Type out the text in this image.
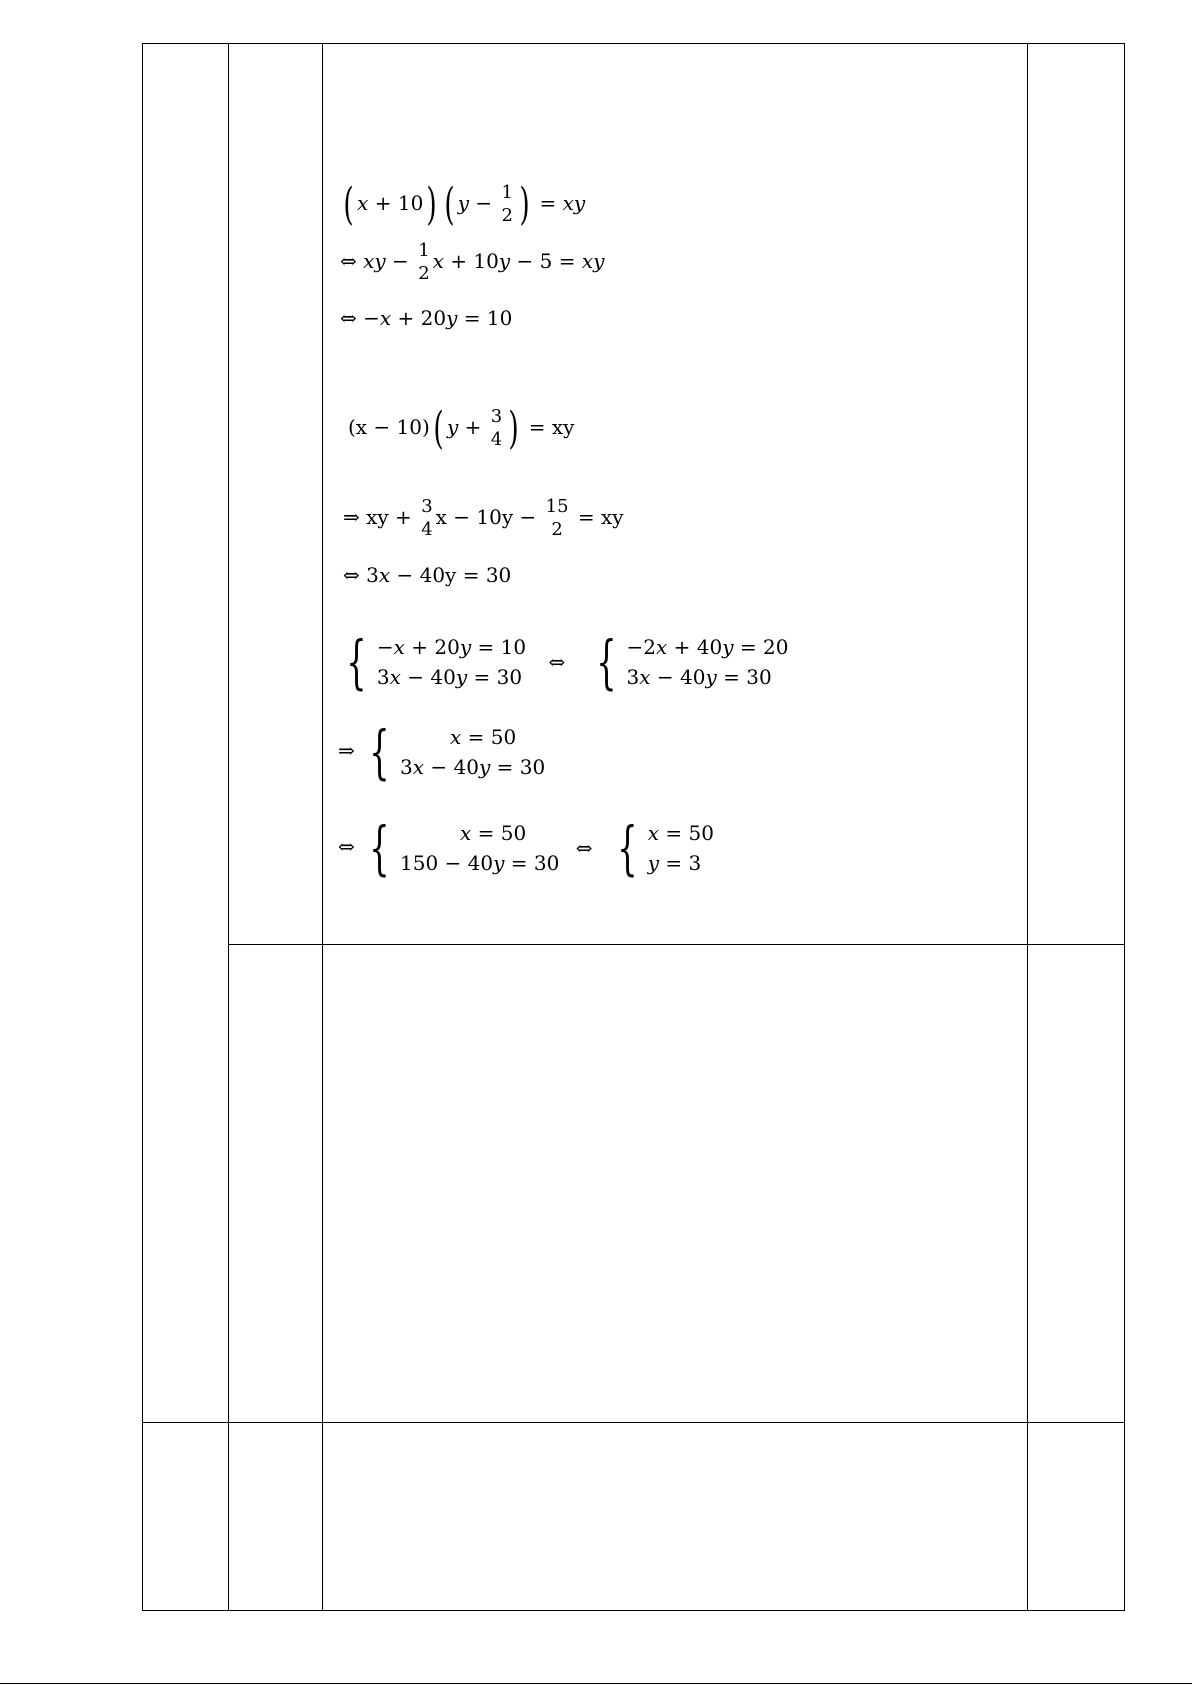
( x + 10) ( y − 1
2 ) = xy
⇔ xy − 1
2
x + 10y − 5 = xy
⇔ −x + 20y = 10
(x − 10)( y + 3
4 ) = xy
⇒ xy + 3
4
x − 10y − 15
2
= xy
⇔ 3x − 40y = 30
{ −x + 20y = 10
3x − 40y = 30
⇔ { −2x + 40y = 20
3x − 40y = 30
⇒ {	x = 50
3x − 40y = 30
⇔ {	x = 50
150 − 40y = 30
⇔ { x = 50
y = 3
